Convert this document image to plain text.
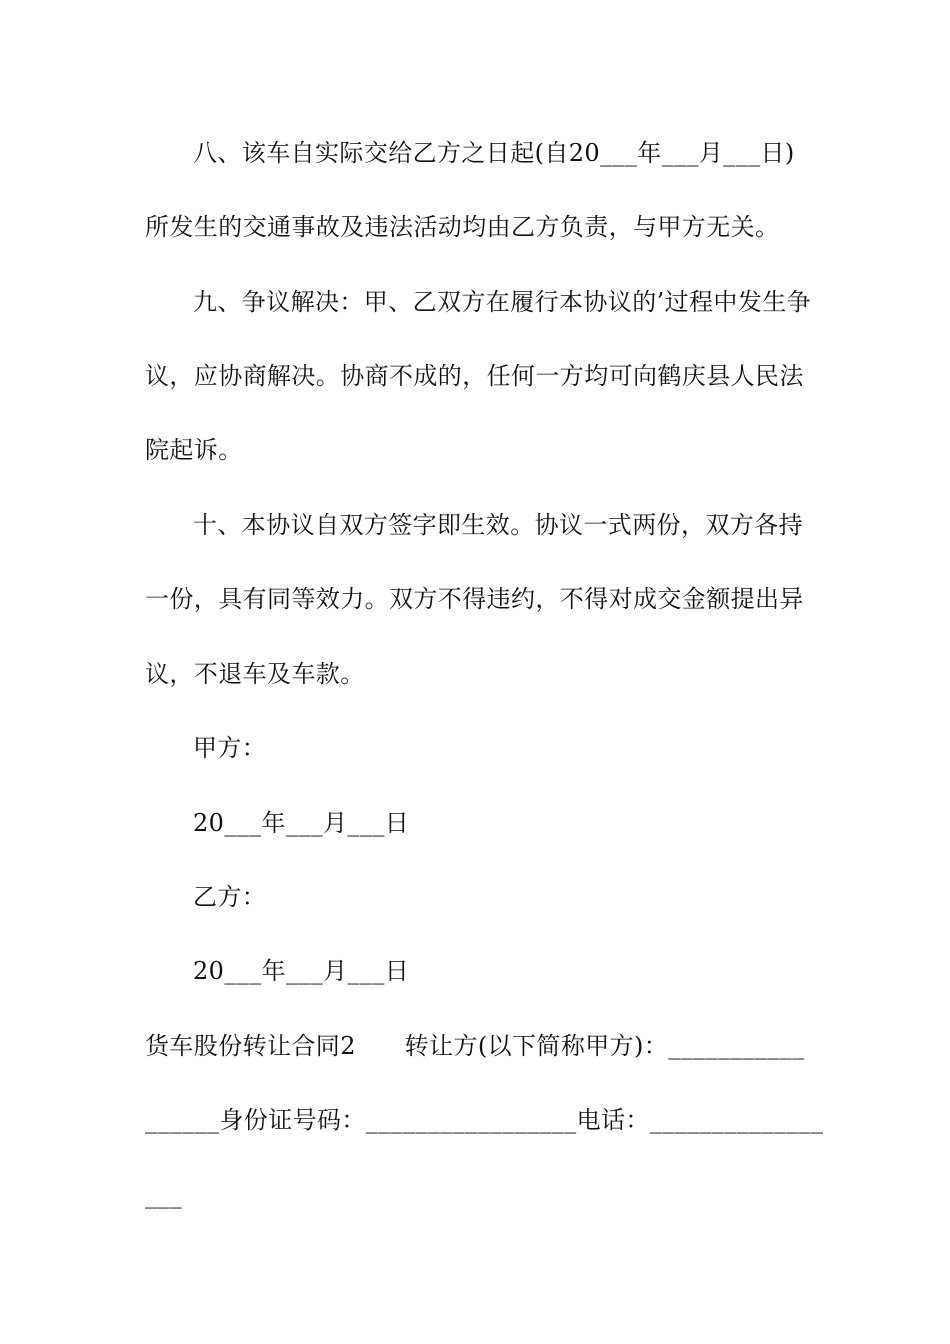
八、该车自实际交给乙方之日起(自20___年___月___日)
所发生的交通事故及违法活动均由乙方负责，与甲方无关。
九、争议解决：甲、乙双方在履行本协议的’过程中发生争
议，应协商解决。协商不成的，任何一方均可向鹤庆县人民法
院起诉。
十、本协议自双方签字即生效。协议一式两份，双方各持
一份，具有同等效力。双方不得违约，不得对成交金额提出异
议，不退车及车款。
甲方：
20___年___月___日
乙方：
20___年___月___日
货车股份转让合同2　　转让方(以下简称甲方)：___________
______身份证号码：_________________电话：______________
___
